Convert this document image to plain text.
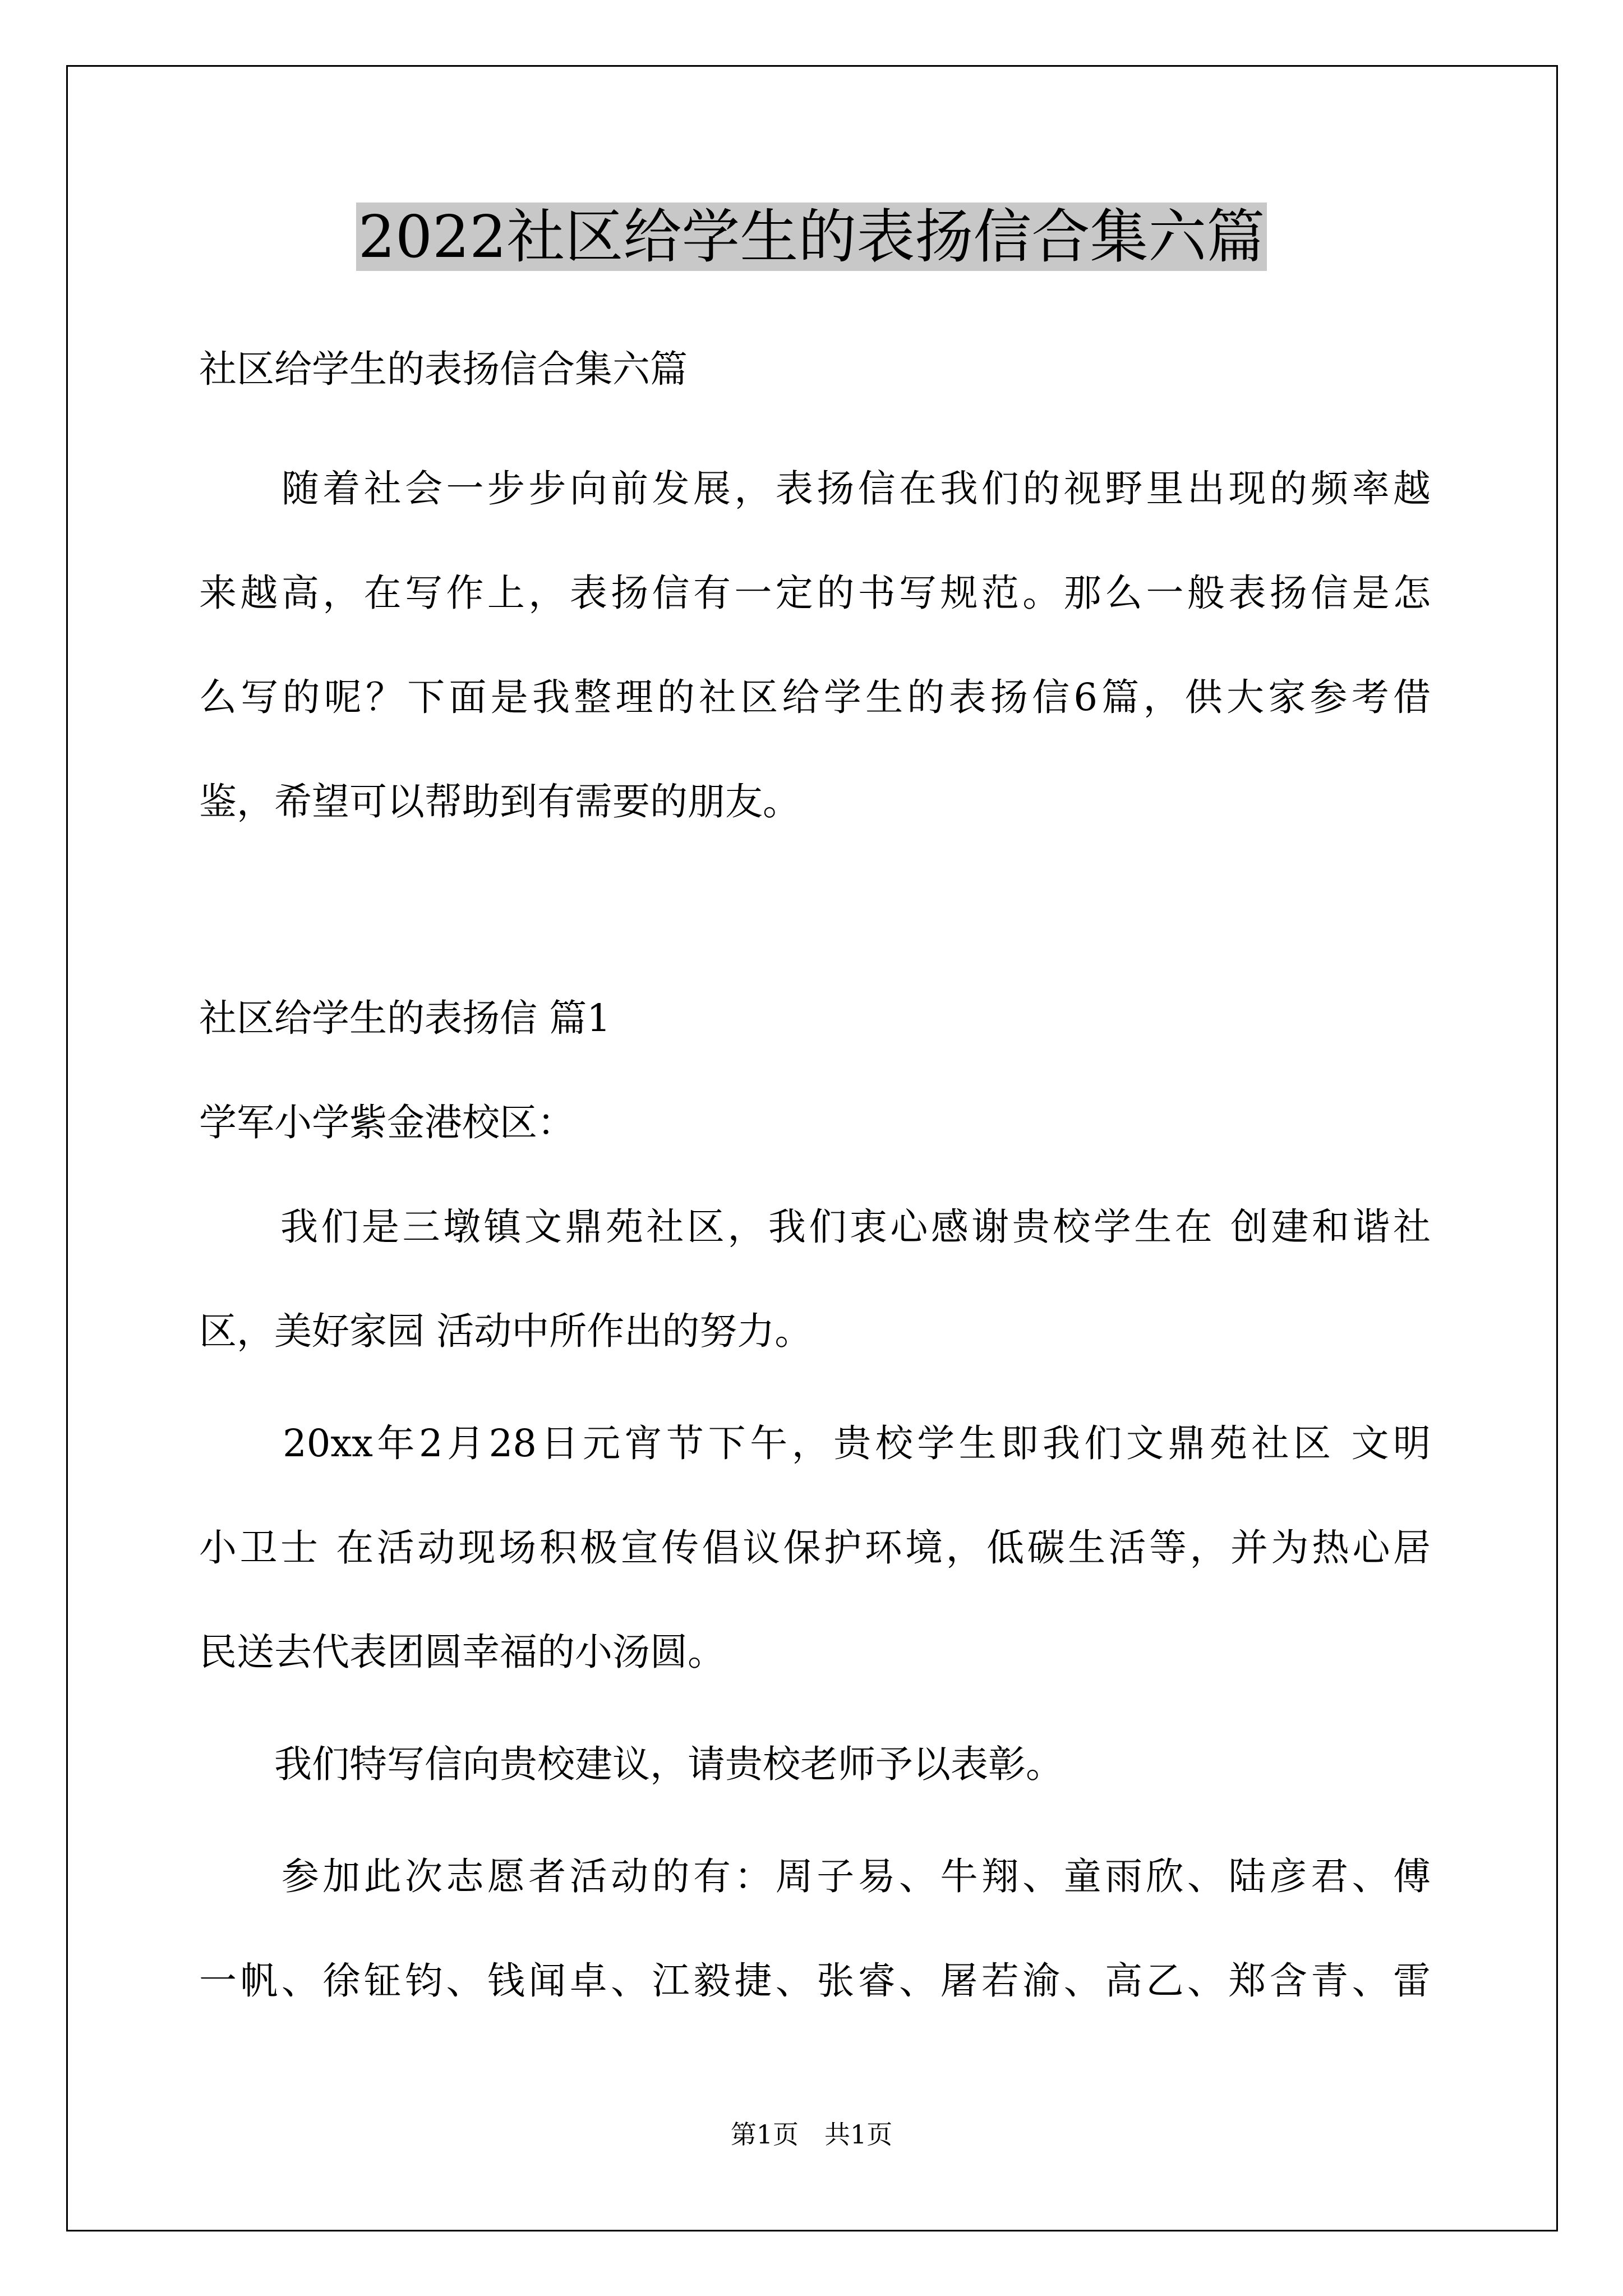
2022社区给学生的表扬信合集六篇
社区给学生的表扬信合集六篇
　　随着社会一步步向前发展，表扬信在我们的视野里出现的频率越
来越高，在写作上，表扬信有一定的书写规范。那么一般表扬信是怎
么写的呢？下面是我整理的社区给学生的表扬信6篇，供大家参考借
鉴，希望可以帮助到有需要的朋友。
社区给学生的表扬信 篇1
学军小学紫金港校区：
　　我们是三墩镇文鼎苑社区，我们衷心感谢贵校学生在 创建和谐社
区，美好家园 活动中所作出的努力。
　　20xx年2月28日元宵节下午，贵校学生即我们文鼎苑社区 文明
小卫士 在活动现场积极宣传倡议保护环境，低碳生活等，并为热心居
民送去代表团圆幸福的小汤圆。
　　我们特写信向贵校建议，请贵校老师予以表彰。
　　参加此次志愿者活动的有：周子易、牛翔、童雨欣、陆彦君、傅
一帆、徐钲钧、钱闻卓、江毅捷、张睿、屠若渝、高乙、郑含青、雷
第1页　共1页
